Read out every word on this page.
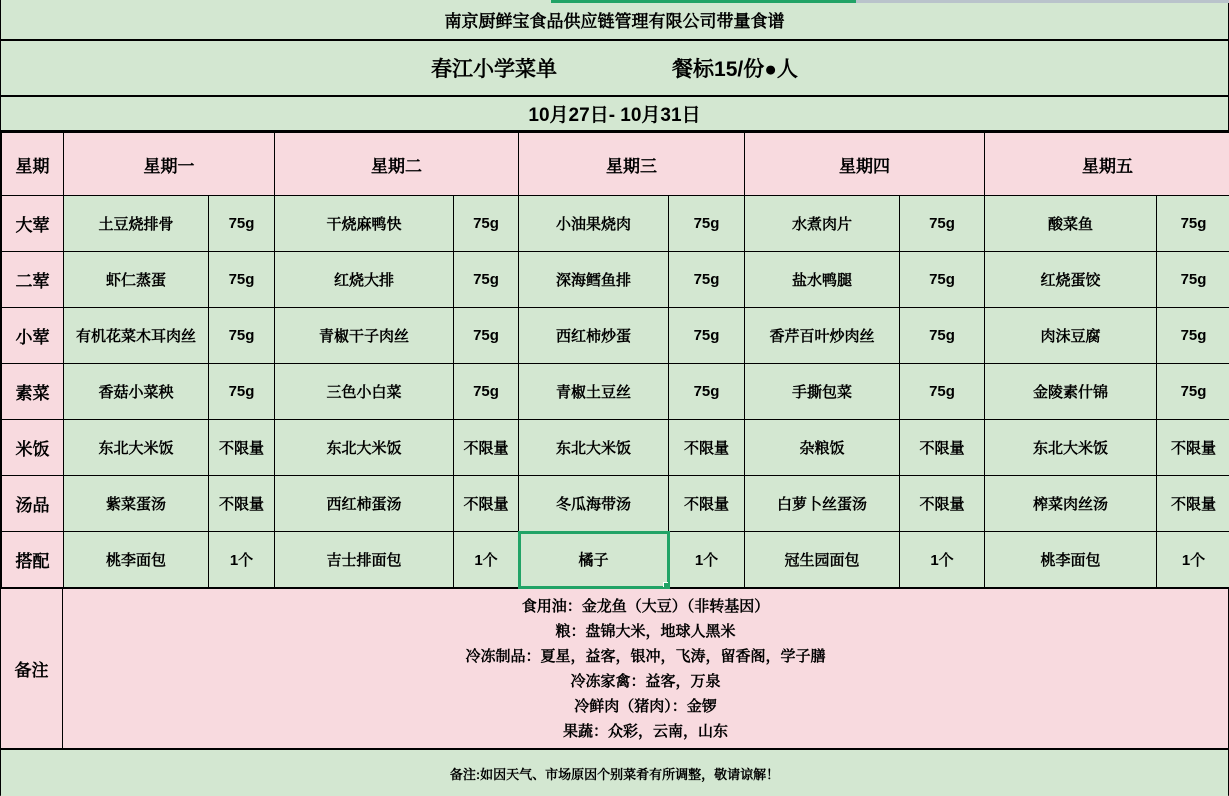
南京厨鲜宝食品供应链管理有限公司带量食谱
春江小学菜单	餐标15/份●人
10月27日- 10月31日
星期	星期一		星期二		星期三		星期四		星期五	
大荤	土豆烧排骨	75g	干烧麻鸭快	75g	小油果烧肉	75g	水煮肉片	75g	酸菜鱼	75g
二荤	虾仁蒸蛋	75g	红烧大排	75g	深海鳕鱼排	75g	盐水鸭腿	75g	红烧蛋饺	75g
小荤	有机花菜木耳肉丝	75g	青椒干子肉丝	75g	西红柿炒蛋	75g	香芹百叶炒肉丝	75g	肉沫豆腐	75g
素菜	香菇小菜秧	75g	三色小白菜	75g	青椒土豆丝	75g	手撕包菜	75g	金陵素什锦	75g
米饭	东北大米饭	不限量	东北大米饭	不限量	东北大米饭	不限量	杂粮饭	不限量	东北大米饭	不限量
汤品	紫菜蛋汤	不限量	西红柿蛋汤	不限量	冬瓜海带汤	不限量	白萝卜丝蛋汤	不限量	榨菜肉丝汤	不限量
搭配	桃李面包	1个	吉士排面包	1个	橘子	1个	冠生园面包	1个	桃李面包	1个
备注
食用油：金龙鱼（大豆）（非转基因）
粮：盘锦大米，地球人黑米
冷冻制品：夏星，益客，银冲，飞涛，留香阁，学子膳
冷冻家禽：益客，万泉
冷鲜肉（猪肉）：金锣
果蔬：众彩，云南，山东
备注:如因天气、市场原因个别菜肴有所调整，敬请谅解！
